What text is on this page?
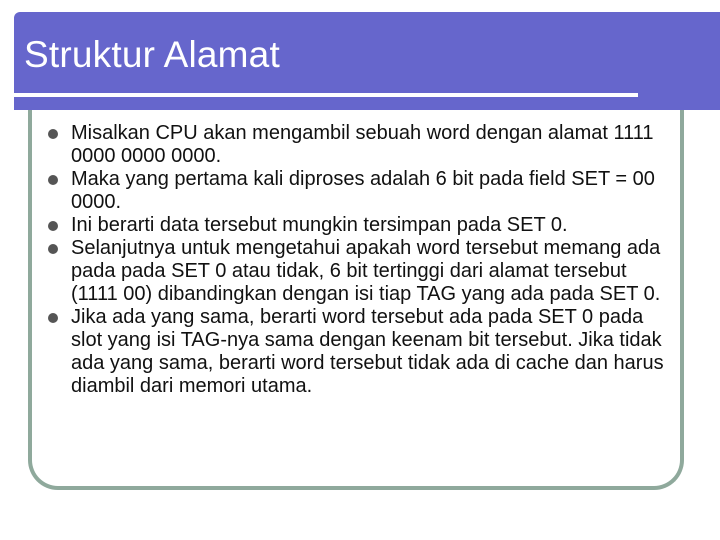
Struktur Alamat
Misalkan CPU akan mengambil sebuah word dengan alamat 1111 0000 0000 0000.
Maka yang pertama kali diproses adalah 6 bit pada field SET = 00 0000.
Ini berarti data tersebut mungkin tersimpan pada SET 0.
Selanjutnya untuk mengetahui apakah word tersebut memang ada pada pada SET 0 atau tidak, 6 bit tertinggi dari alamat tersebut (1111 00) dibandingkan dengan isi tiap TAG yang ada pada SET 0.
Jika ada yang sama, berarti word tersebut ada pada SET 0 pada slot yang isi TAG-nya sama dengan keenam bit tersebut. Jika tidak ada yang sama, berarti word tersebut tidak ada di cache dan harus diambil dari memori utama.
